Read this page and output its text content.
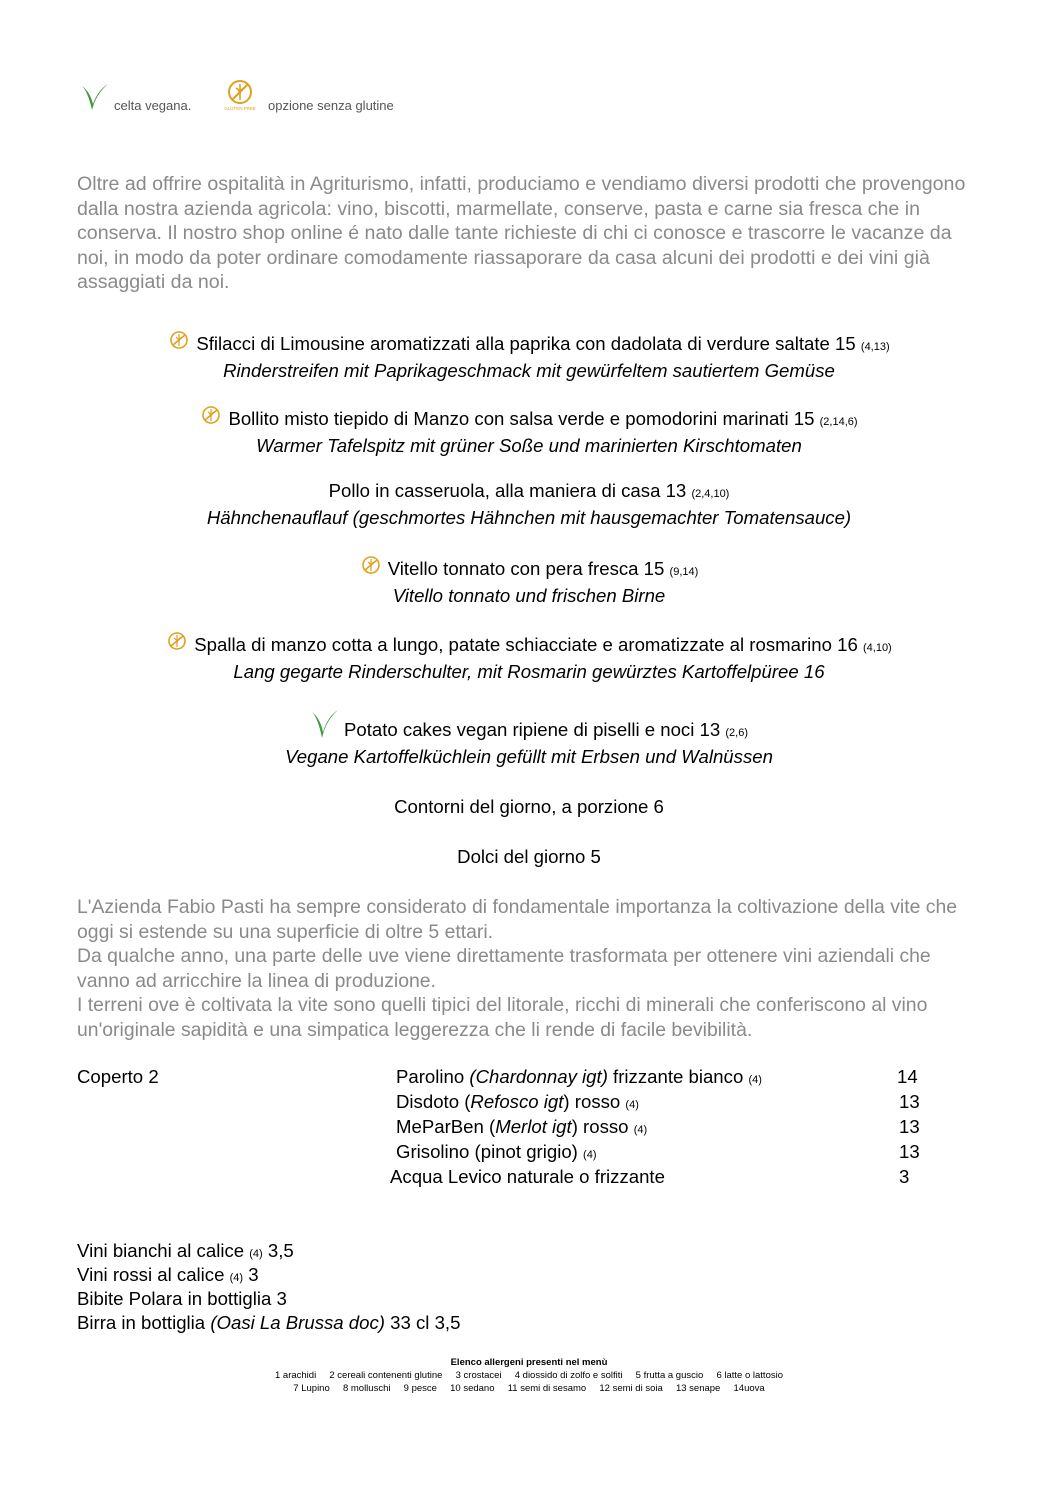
celta vegana.	GLUTEN FREE opzione senza glutine

Oltre ad offrire ospitalità in Agriturismo, infatti, produciamo e vendiamo diversi prodotti che provengono dalla nostra azienda agricola: vino, biscotti, marmellate, conserve, pasta e carne sia fresca che in conserva. Il nostro shop online é nato dalle tante richieste di chi ci conosce e trascorre le vacanze da noi, in modo da poter ordinare comodamente riassaporare da casa alcuni dei prodotti e dei vini già assaggiati da noi.

Sfilacci di Limousine aromatizzati alla paprika con dadolata di verdure saltate 15 (4,13)
Rinderstreifen mit Paprikageschmack mit gewürfeltem sautiertem Gemüse
Bollito misto tiepido di Manzo con salsa verde e pomodorini marinati 15 (2,14,6)
Warmer Tafelspitz mit grüner Soße und marinierten Kirschtomaten
Pollo in casseruola, alla maniera di casa 13 (2,4,10)
Hähnchenauflauf (geschmortes Hähnchen mit hausgemachter Tomatensauce)
Vitello tonnato con pera fresca 15 (9,14)
Vitello tonnato und frischen Birne
Spalla di manzo cotta a lungo, patate schiacciate e aromatizzate al rosmarino 16 (4,10)
Lang gegarte Rinderschulter, mit Rosmarin gewürztes Kartoffelpüree 16
Potato cakes vegan ripiene di piselli e noci 13 (2,6)
Vegane Kartoffelküchlein gefüllt mit Erbsen und Walnüssen
Contorni del giorno, a porzione 6
Dolci del giorno 5

L'Azienda Fabio Pasti ha sempre considerato di fondamentale importanza la coltivazione della vite che oggi si estende su una superficie di oltre 5 ettari.

Da qualche anno, una parte delle uve viene direttamente trasformata per ottenere vini aziendali che vanno ad arricchire la linea di produzione.

I terreni ove è coltivata la vite sono quelli tipici del litorale, ricchi di minerali che conferiscono al vino un'originale sapidità e una simpatica leggerezza che li rende di facile bevibilità.

Coperto 2	Parolino (Chardonnay igt) frizzante bianco (4)	14
Disdoto (Refosco igt) rosso (4)	13
MeParBen (Merlot igt) rosso (4)	13
Grisolino (pinot grigio) (4)	13
Acqua Levico naturale o frizzante	3
Vini bianchi al calice (4) 3,5
Vini rossi al calice (4) 3
Bibite Polara in bottiglia 3
Birra in bottiglia (Oasi La Brussa doc) 33 cl 3,5
Elenco allergeni presenti nel menù
1 arachidi     2 cereali contenenti glutine     3 crostacei     4 diossido di zolfo e solfiti     5 frutta a guscio     6 latte o lattosio
7 Lupino     8 molluschi     9 pesce     10 sedano     11 semi di sesamo     12 semi di soia     13 senape     14uova
